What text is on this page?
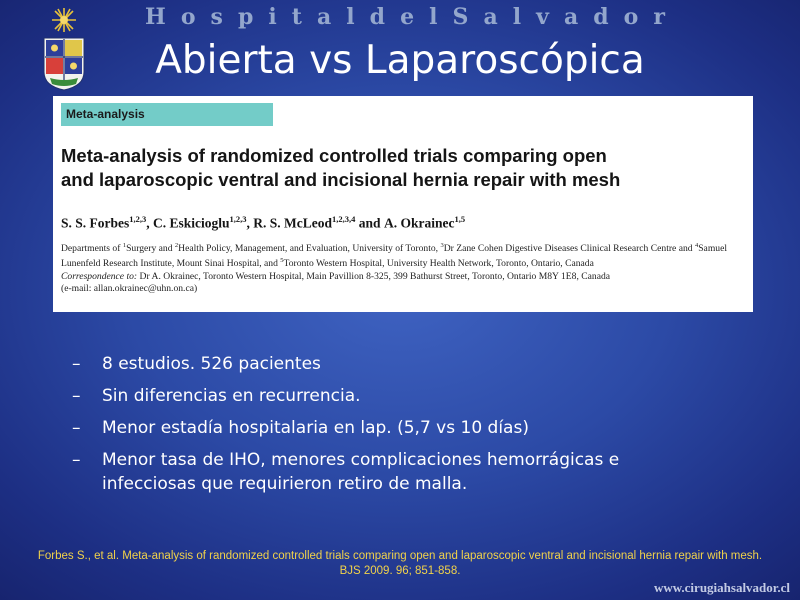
H o s p i t a l d e l S a l v a d o r
Abierta vs Laparoscópica
Meta-analysis
Meta-analysis of randomized controlled trials comparing open
and laparoscopic ventral and incisional hernia repair with mesh
S. S. Forbes$^{1,2,3}$, C. Eskicioglu$^{1,2,3}$, R. S. McLeod$^{1,2,3,4}$ and A. Okrainec$^{1,5}$
Departments of $^1$Surgery and $^2$Health Policy, Management, and Evaluation, University of Toronto, $^3$Dr Zane Cohen Digestive Diseases Clinical Research Centre and $^4$Samuel Lunenfeld Research Institute, Mount Sinai Hospital, and $^5$Toronto Western Hospital, University Health Network, Toronto, Ontario, Canada
Correspondence to: Dr A. Okrainec, Toronto Western Hospital, Main Pavillion 8-325, 399 Bathurst Street, Toronto, Ontario M8Y 1E8, Canada
(e-mail: allan.okrainec@uhn.on.ca)
–	8 estudios. 526 pacientes
–	Sin diferencias en recurrencia.
–	Menor estadía hospitalaria en lap. (5,7 vs 10 días)
–	Menor tasa de IHO, menores complicaciones hemorrágicas e infecciosas que requirieron retiro de malla.
Forbes S., et al. Meta-analysis of randomized controlled trials comparing open and laparoscopic ventral and incisional hernia repair with mesh. BJS 2009. 96; 851-858.
www.cirugiahsalvador.cl
